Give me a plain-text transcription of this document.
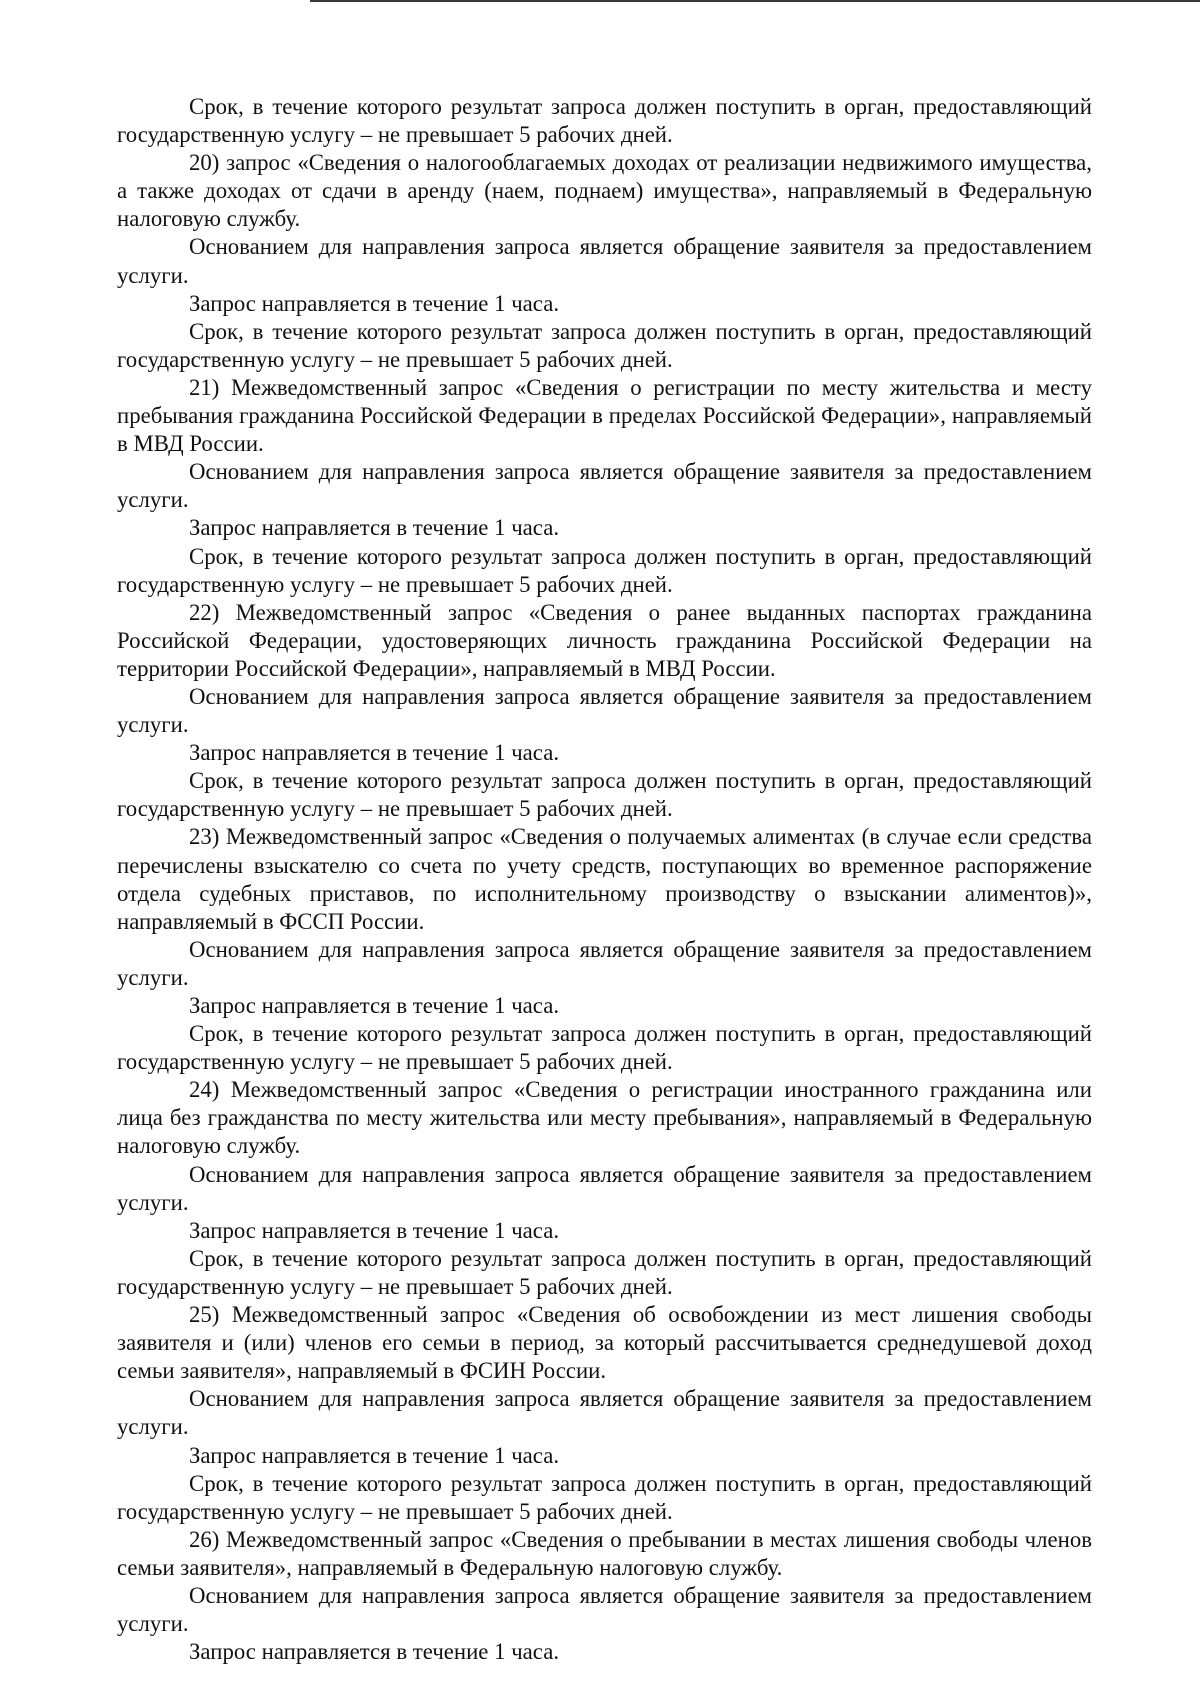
Срок, в течение которого результат запроса должен поступить в орган, предоставляющий государственную услугу – не превышает 5 рабочих дней.

20) запрос «Сведения о налогооблагаемых доходах от реализации недвижимого имущества, а также доходах от сдачи в аренду (наем, поднаем) имущества», направляемый в Федеральную налоговую службу.

Основанием для направления запроса является обращение заявителя за предоставлением услуги.

Запрос направляется в течение 1 часа.

Срок, в течение которого результат запроса должен поступить в орган, предоставляющий государственную услугу – не превышает 5 рабочих дней.

21) Межведомственный запрос «Сведения о регистрации по месту жительства и месту пребывания гражданина Российской Федерации в пределах Российской Федерации», направляемый в МВД России.

Основанием для направления запроса является обращение заявителя за предоставлением услуги.

Запрос направляется в течение 1 часа.

Срок, в течение которого результат запроса должен поступить в орган, предоставляющий государственную услугу – не превышает 5 рабочих дней.

22) Межведомственный запрос «Сведения о ранее выданных паспортах гражданина Российской Федерации, удостоверяющих личность гражданина Российской Федерации на территории Российской Федерации», направляемый в МВД России.

Основанием для направления запроса является обращение заявителя за предоставлением услуги.

Запрос направляется в течение 1 часа.

Срок, в течение которого результат запроса должен поступить в орган, предоставляющий государственную услугу – не превышает 5 рабочих дней.

23) Межведомственный запрос «Сведения о получаемых алиментах (в случае если средства перечислены взыскателю со счета по учету средств, поступающих во временное распоряжение отдела судебных приставов, по исполнительному производству о взыскании алиментов)», направляемый в ФССП России.

Основанием для направления запроса является обращение заявителя за предоставлением услуги.

Запрос направляется в течение 1 часа.

Срок, в течение которого результат запроса должен поступить в орган, предоставляющий государственную услугу – не превышает 5 рабочих дней.

24) Межведомственный запрос «Сведения о регистрации иностранного гражданина или лица без гражданства по месту жительства или месту пребывания», направляемый в Федеральную налоговую службу.

Основанием для направления запроса является обращение заявителя за предоставлением услуги.

Запрос направляется в течение 1 часа.

Срок, в течение которого результат запроса должен поступить в орган, предоставляющий государственную услугу – не превышает 5 рабочих дней.

25) Межведомственный запрос «Сведения об освобождении из мест лишения свободы заявителя и (или) членов его семьи в период, за который рассчитывается среднедушевой доход семьи заявителя», направляемый в ФСИН России.

Основанием для направления запроса является обращение заявителя за предоставлением услуги.

Запрос направляется в течение 1 часа.

Срок, в течение которого результат запроса должен поступить в орган, предоставляющий государственную услугу – не превышает 5 рабочих дней.

26) Межведомственный запрос «Сведения о пребывании в местах лишения свободы членов семьи заявителя», направляемый в Федеральную налоговую службу.

Основанием для направления запроса является обращение заявителя за предоставлением услуги.

Запрос направляется в течение 1 часа.
